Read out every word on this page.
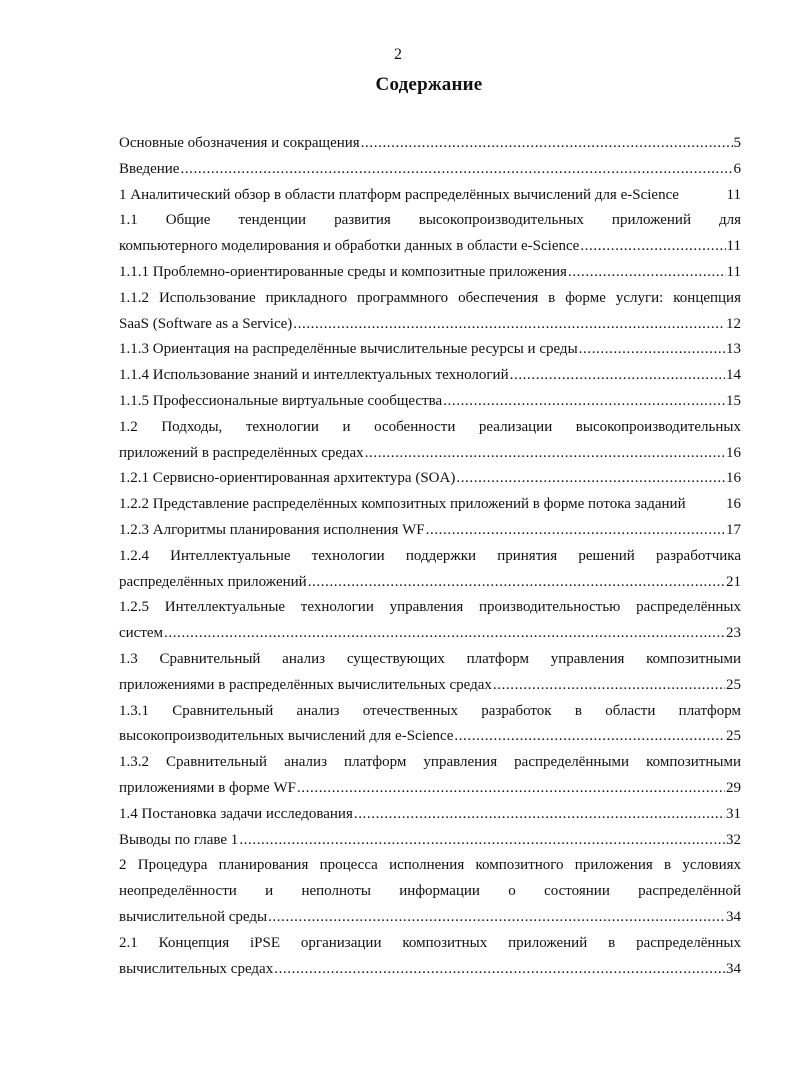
2
Содержание
Основные обозначения и сокращения .....	5
Введение .....	6
1 Аналитический обзор в области платформ распределённых вычислений для e-Science	11
1.1 Общие тенденции развития высокопроизводительных приложений для
компьютерного моделирования и обработки данных в области e-Science .....	11
1.1.1 Проблемно-ориентированные среды и композитные приложения .....	11
1.1.2 Использование прикладного программного обеспечения в форме услуги: концепция
SaaS (Software as a Service) .....	12
1.1.3 Ориентация на распределённые вычислительные ресурсы и среды .....	13
1.1.4 Использование знаний и интеллектуальных технологий .....	14
1.1.5 Профессиональные виртуальные сообщества .....	15
1.2 Подходы, технологии и особенности реализации высокопроизводительных
приложений в распределённых средах .....	16
1.2.1 Сервисно-ориентированная архитектура (SOA) .....	16
1.2.2 Представление распределённых композитных приложений в форме потока заданий	16
1.2.3 Алгоритмы планирования исполнения WF .....	17
1.2.4 Интеллектуальные технологии поддержки принятия решений разработчика
распределённых приложений .....	21
1.2.5 Интеллектуальные технологии управления производительностью распределённых
систем .....	23
1.3 Сравнительный анализ существующих платформ управления композитными
приложениями в распределённых вычислительных средах .....	25
1.3.1 Сравнительный анализ отечественных разработок в области платформ
высокопроизводительных вычислений для e-Science .....	25
1.3.2 Сравнительный анализ платформ управления распределёнными композитными
приложениями в форме WF .....	29
1.4 Постановка задачи исследования .....	31
Выводы по главе 1 .....	32
2 Процедура планирования процесса исполнения композитного приложения в условиях
неопределённости и неполноты информации о состоянии распределённой
вычислительной среды .....	34
2.1 Концепция iPSE организации композитных приложений в распределённых
вычислительных средах .....	34
